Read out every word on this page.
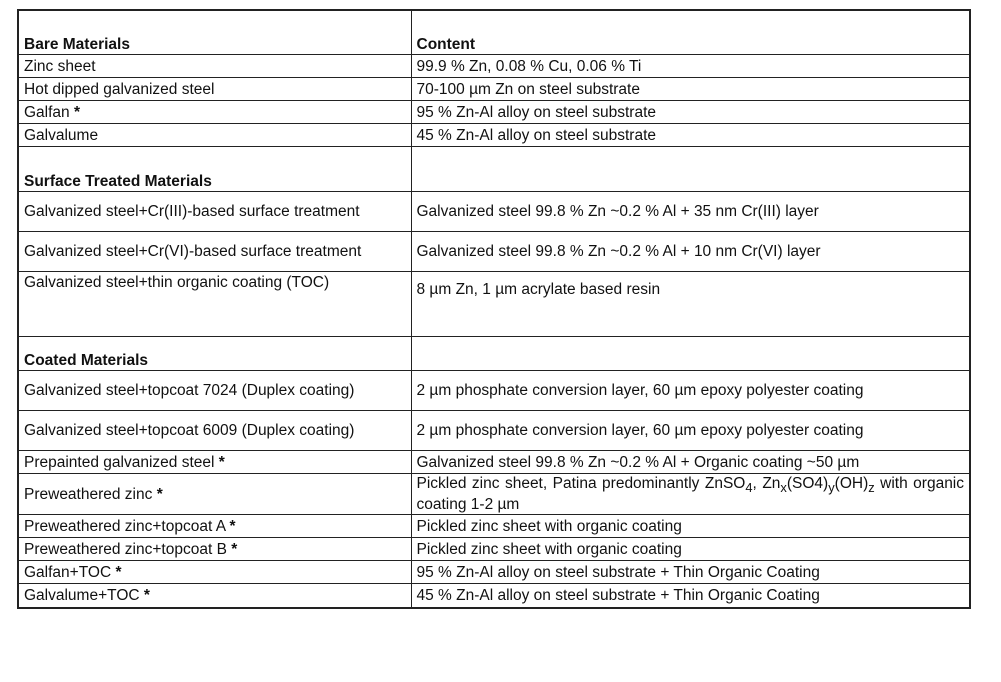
Bare Materials	Content
Zinc sheet	99.9 % Zn, 0.08 % Cu, 0.06 % Ti
Hot dipped galvanized steel	70-100 µm Zn on steel substrate
Galfan *	95 % Zn-Al alloy on steel substrate
Galvalume	45 % Zn-Al alloy on steel substrate
Surface Treated Materials	
Galvanized steel+Cr(III)-based surface treatment	Galvanized steel 99.8 % Zn ~0.2 % Al + 35 nm Cr(III) layer
Galvanized steel+Cr(VI)-based surface treatment	Galvanized steel 99.8 % Zn ~0.2 % Al + 10 nm Cr(VI) layer
Galvanized steel+thin organic coating (TOC)	8 µm Zn, 1 µm acrylate based resin
Coated Materials	
Galvanized steel+topcoat 7024 (Duplex coating)	2 µm phosphate conversion layer, 60 µm epoxy polyester coating
Galvanized steel+topcoat 6009 (Duplex coating)	2 µm phosphate conversion layer, 60 µm epoxy polyester coating
Prepainted galvanized steel *	Galvanized steel 99.8 % Zn ~0.2 % Al + Organic coating ~50 µm
Preweathered zinc *	Pickled zinc sheet, Patina predominantly ZnSO$_4$, $Zn_x(SO4)_y(OH)_z$ with organic coating 1-2 µm
Preweathered zinc+topcoat A *	Pickled zinc sheet with organic coating
Preweathered zinc+topcoat B *	Pickled zinc sheet with organic coating
Galfan+TOC *	95 % Zn-Al alloy on steel substrate + Thin Organic Coating
Galvalume+TOC *	45 % Zn-Al alloy on steel substrate + Thin Organic Coating
